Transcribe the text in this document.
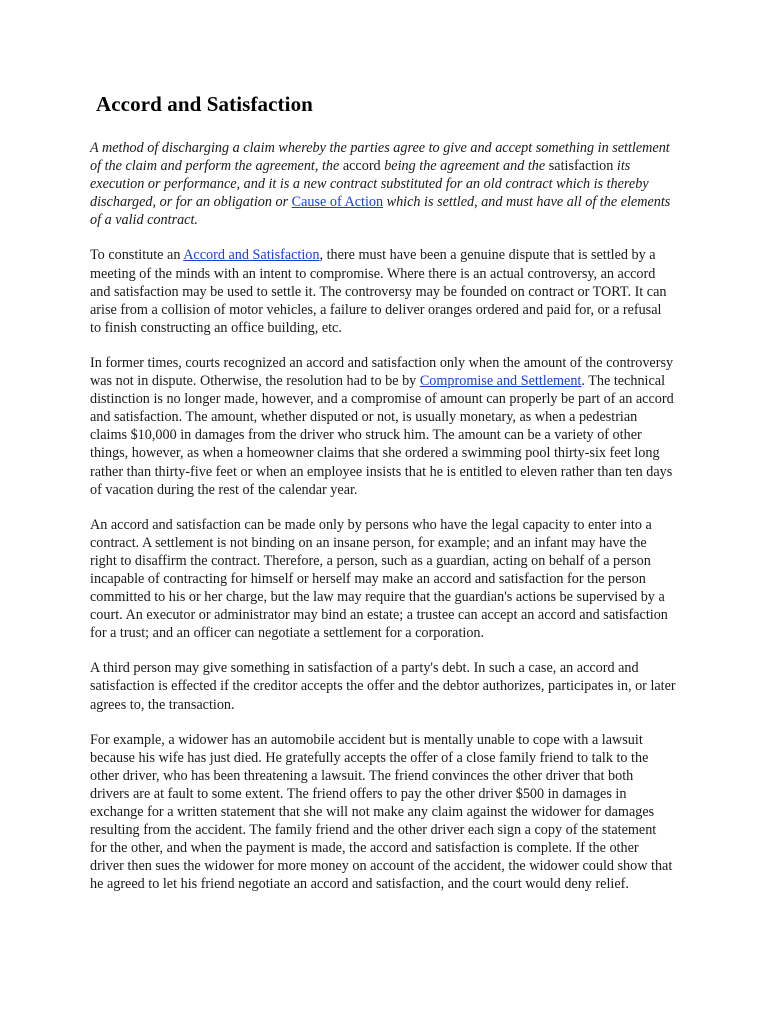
Accord and Satisfaction

A method of discharging a claim whereby the parties agree to give and accept something in settlement of the claim and perform the agreement, the accord being the agreement and the satisfaction its execution or performance, and it is a new contract substituted for an old contract which is thereby discharged, or for an obligation or Cause of Action which is settled, and must have all of the elements of a valid contract.

To constitute an Accord and Satisfaction, there must have been a genuine dispute that is settled by a meeting of the minds with an intent to compromise. Where there is an actual controversy, an accord and satisfaction may be used to settle it. The controversy may be founded on contract or TORT. It can arise from a collision of motor vehicles, a failure to deliver oranges ordered and paid for, or a refusal to finish constructing an office building, etc.

In former times, courts recognized an accord and satisfaction only when the amount of the controversy was not in dispute. Otherwise, the resolution had to be by Compromise and Settlement. The technical distinction is no longer made, however, and a compromise of amount can properly be part of an accord and satisfaction. The amount, whether disputed or not, is usually monetary, as when a pedestrian claims $10,000 in damages from the driver who struck him. The amount can be a variety of other things, however, as when a homeowner claims that she ordered a swimming pool thirty-six feet long rather than thirty-five feet or when an employee insists that he is entitled to eleven rather than ten days of vacation during the rest of the calendar year.

An accord and satisfaction can be made only by persons who have the legal capacity to enter into a contract. A settlement is not binding on an insane person, for example; and an infant may have the right to disaffirm the contract. Therefore, a person, such as a guardian, acting on behalf of a person incapable of contracting for himself or herself may make an accord and satisfaction for the person committed to his or her charge, but the law may require that the guardian's actions be supervised by a court. An executor or administrator may bind an estate; a trustee can accept an accord and satisfaction for a trust; and an officer can negotiate a settlement for a corporation.

A third person may give something in satisfaction of a party's debt. In such a case, an accord and satisfaction is effected if the creditor accepts the offer and the debtor authorizes, participates in, or later agrees to, the transaction.

For example, a widower has an automobile accident but is mentally unable to cope with a lawsuit because his wife has just died. He gratefully accepts the offer of a close family friend to talk to the other driver, who has been threatening a lawsuit. The friend convinces the other driver that both drivers are at fault to some extent. The friend offers to pay the other driver $500 in damages in exchange for a written statement that she will not make any claim against the widower for damages resulting from the accident. The family friend and the other driver each sign a copy of the statement for the other, and when the payment is made, the accord and satisfaction is complete. If the other driver then sues the widower for more money on account of the accident, the widower could show that he agreed to let his friend negotiate an accord and satisfaction, and the court would deny relief.
